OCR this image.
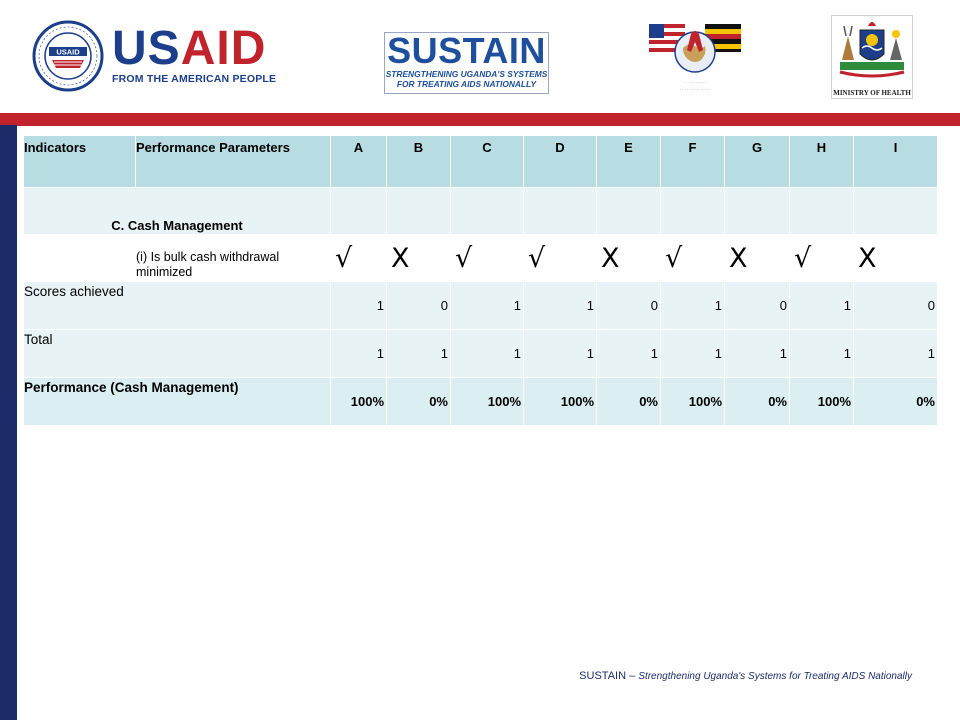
USAID USAID
FROM THE AMERICAN PEOPLE
SUSTAIN
STRENGTHENING UGANDA'S SYSTEMS
FOR TREATING AIDS NATIONALLY	· · · · · · · · · ·
· · · · · · · · · · · · ·	MINISTRY OF HEALTH
Indicators	Performance Parameters	A	B	C	D	E	F	G	H	I
C. Cash Management										
	(i) Is bulk cash withdrawal minimized	√	X	√	√	X	√	X	√	X
Scores achieved		1	0	1	1	0	1	0	1	0
Total		1	1	1	1	1	1	1	1	1
Performance (Cash Management)		100%	0%	100%	100%	0%	100%	0%	100%	0%
SUSTAIN – Strengthening Uganda's Systems for Treating AIDS Nationally
